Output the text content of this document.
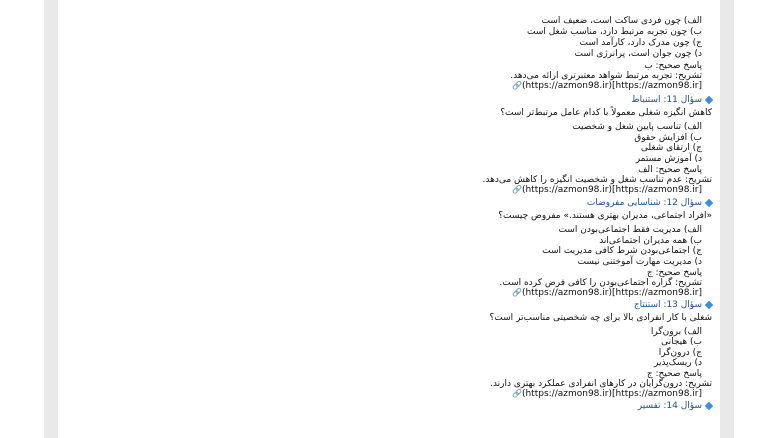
الف) چون فردی ساکت است، ضعیف است
ب) چون تجربه مرتبط دارد، مناسب شغل است
ج) چون مدرک دارد، کارآمد است
د) چون جوان است، پرانرژی است
پاسخ صحیح: ب
تشریح: تجربه مرتبط شواهد معتبرتری ارائه می‌دهد.
🔗(https://azmon98.ir)[https://azmon98.ir]
سؤال 11: استنباط
کاهش انگیزه شغلی معمولاً با کدام عامل مرتبط‌تر است؟
الف) تناسب پایین شغل و شخصیت
ب) افزایش حقوق
ج) ارتقای شغلی
د) آموزش مستمر
پاسخ صحیح: الف
تشریح: عدم تناسب شغل و شخصیت انگیزه را کاهش می‌دهد.
🔗(https://azmon98.ir)[https://azmon98.ir]
سؤال 12: شناسایی مفروضات
«افراد اجتماعی، مدیران بهتری هستند.» مفروض چیست؟
الف) مدیریت فقط اجتماعی‌بودن است
ب) همه مدیران اجتماعی‌اند
ج) اجتماعی‌بودن شرط کافی مدیریت است
د) مدیریت مهارت آموختنی نیست
پاسخ صحیح: ج
تشریح: گزاره اجتماعی‌بودن را کافی فرض کرده است.
🔗(https://azmon98.ir)[https://azmon98.ir]
سؤال 13: استنتاج
شغلی با کار انفرادی بالا برای چه شخصیتی مناسب‌تر است؟
الف) برون‌گرا
ب) هیجانی
ج) درون‌گرا
د) ریسک‌پذیر
پاسخ صحیح: ج
تشریح: درون‌گرایان در کارهای انفرادی عملکرد بهتری دارند.
🔗(https://azmon98.ir)[https://azmon98.ir]
سؤال 14: تفسیر
